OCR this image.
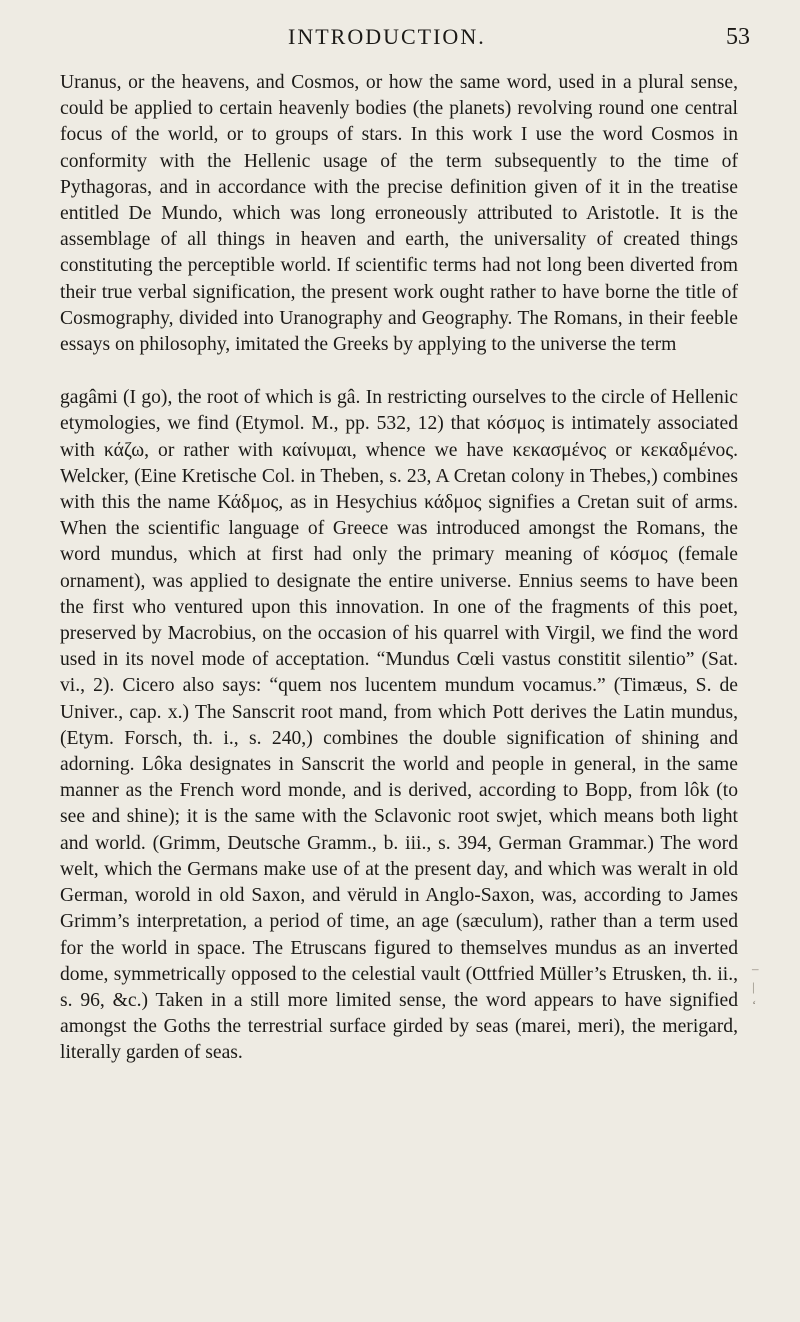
INTRODUCTION.	53

Uranus, or the heavens, and Cosmos, or how the same word, used in a plural sense, could be applied to certain heavenly bodies (the planets) revolving round one central focus of the world, or to groups of stars. In this work I use the word Cosmos in conformity with the Hellenic usage of the term subsequently to the time of Pythagoras, and in accordance with the precise definition given of it in the treatise entitled De Mundo, which was long erroneously attributed to Aristotle. It is the assemblage of all things in heaven and earth, the universality of created things constituting the perceptible world. If scientific terms had not long been diverted from their true verbal signification, the present work ought rather to have borne the title of Cosmography, divided into Uranography and Geography. The Romans, in their feeble essays on philosophy, imitated the Greeks by applying to the universe the term

gagâmi (I go), the root of which is gâ. In restricting ourselves to the circle of Hellenic etymologies, we find (Etymol. M., pp. 532, 12) that κόσμος is intimately associated with κάζω, or rather with καίνυμαι, whence we have κεκασμένος or κεκαδμένος. Welcker, (Eine Kretische Col. in Theben, s. 23, A Cretan colony in Thebes,) combines with this the name Κάδμος, as in Hesychius κάδμος signifies a Cretan suit of arms. When the scientific language of Greece was introduced amongst the Romans, the word mundus, which at first had only the primary meaning of κόσμος (female ornament), was applied to designate the entire universe. Ennius seems to have been the first who ventured upon this innovation. In one of the fragments of this poet, preserved by Macrobius, on the occasion of his quarrel with Virgil, we find the word used in its novel mode of acceptation. “Mundus Cœli vastus constitit silentio” (Sat. vi., 2). Cicero also says: “quem nos lucentem mundum vocamus.” (Timæus, S. de Univer., cap. x.) The Sanscrit root mand, from which Pott derives the Latin mundus, (Etym. Forsch, th. i., s. 240,) combines the double signification of shining and adorning. Lôka designates in Sanscrit the world and people in general, in the same manner as the French word monde, and is derived, according to Bopp, from lôk (to see and shine); it is the same with the Sclavonic root swjet, which means both light and world. (Grimm, Deutsche Gramm., b. iii., s. 394, German Grammar.) The word welt, which the Germans make use of at the present day, and which was weralt in old German, worold in old Saxon, and vëruld in Anglo-Saxon, was, according to James Grimm’s interpretation, a period of time, an age (sæculum), rather than a term used for the world in space. The Etruscans figured to themselves mundus as an inverted dome, symmetrically opposed to the celestial vault (Ottfried Müller’s Etrusken, th. ii., s. 96, &c.) Taken in a still more limited sense, the word appears to have signified amongst the Goths the terrestrial surface girded by seas (marei, meri), the merigard, literally garden of seas.

–
|
‘
